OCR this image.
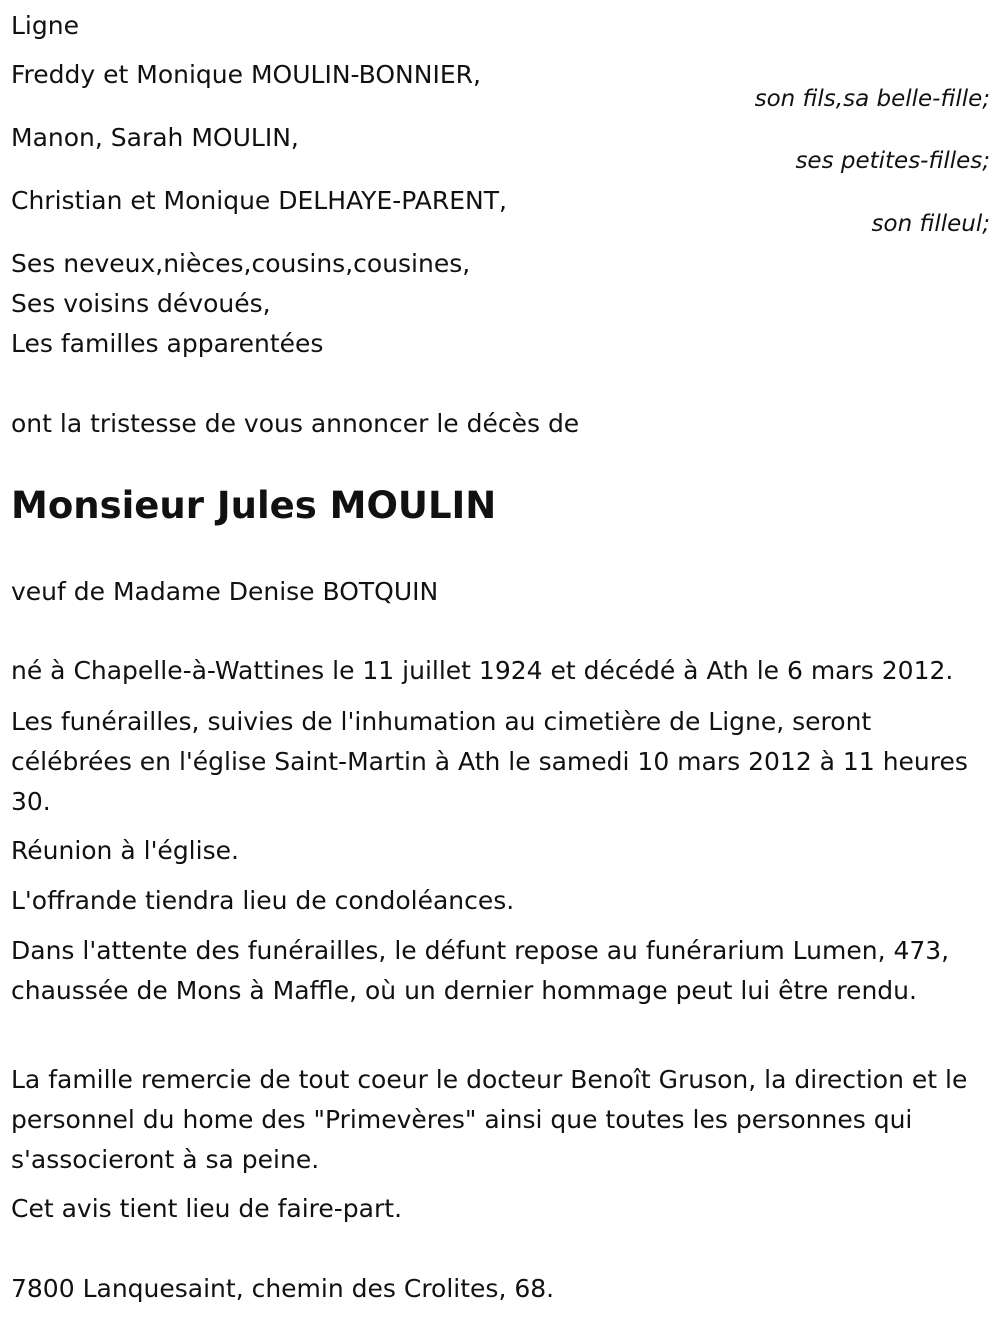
Ligne
Freddy et Monique MOULIN-BONNIER,
son fils,sa belle-fille;
Manon, Sarah MOULIN,
ses petites-filles;
Christian et Monique DELHAYE-PARENT,
son filleul;
Ses neveux,nièces,cousins,cousines,
Ses voisins dévoués,
Les familles apparentées
ont la tristesse de vous annoncer le décès de
Monsieur Jules MOULIN
veuf de Madame Denise BOTQUIN
né à Chapelle-à-Wattines le 11 juillet 1924 et décédé à Ath le 6 mars 2012.
Les funérailles, suivies de l'inhumation au cimetière de Ligne, seront célébrées en l'église Saint-Martin à Ath le samedi 10 mars 2012 à 11 heures 30.
Réunion à l'église.
L'offrande tiendra lieu de condoléances.
Dans l'attente des funérailles, le défunt repose au funérarium Lumen, 473, chaussée de Mons à Maffle, où un dernier hommage peut lui être rendu.
La famille remercie de tout coeur le docteur Benoît Gruson, la direction et le personnel du home des "Primevères" ainsi que toutes les personnes qui s'associeront à sa peine.
Cet avis tient lieu de faire-part.
7800 Lanquesaint, chemin des Crolites, 68.
